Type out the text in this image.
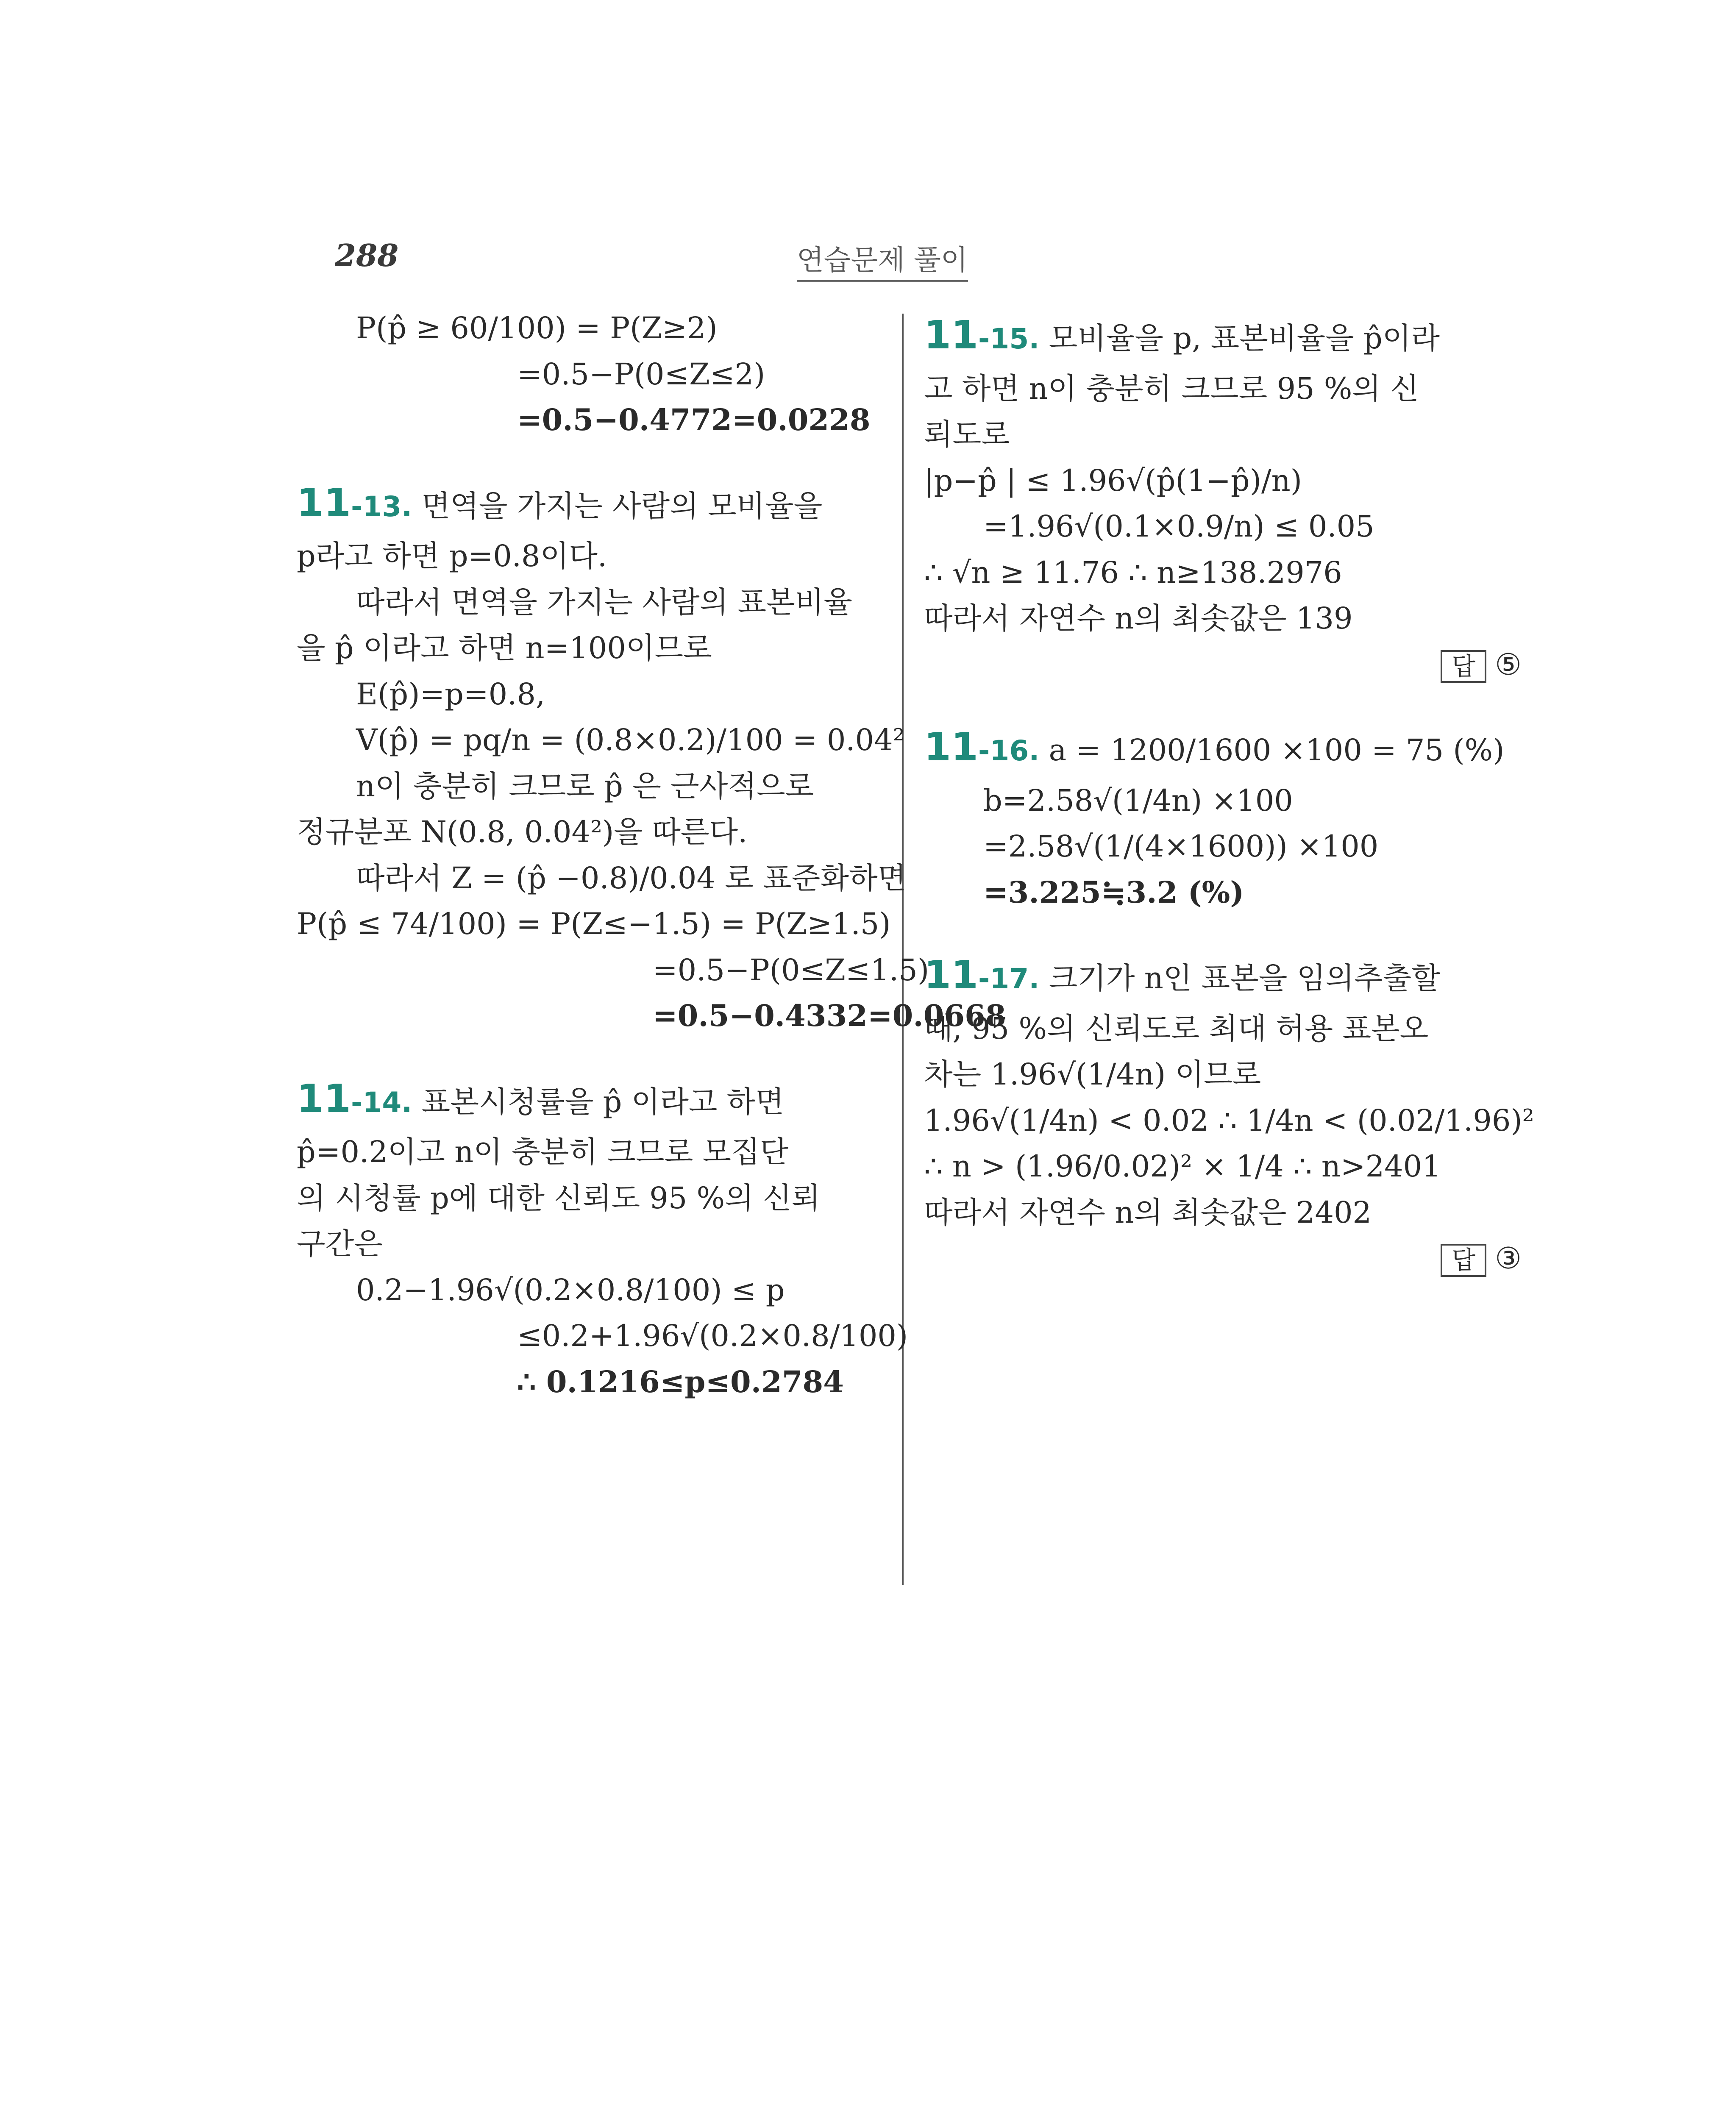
288	연습문제 풀이
P(p̂ ≥ 60/100) = P(Z≥2)
=0.5−P(0≤Z≤2)
=0.5−0.4772=0.0228
11-13. 면역을 가지는 사람의 모비율을
p라고 하면 p=0.8이다.
따라서 면역을 가지는 사람의 표본비율
을 p̂ 이라고 하면 n=100이므로
E(p̂)=p=0.8,
V(p̂) = pq/n = (0.8×0.2)/100 = 0.04²
n이 충분히 크므로 p̂ 은 근사적으로
정규분포 N(0.8, 0.04²)을 따른다.
따라서 Z = (p̂ −0.8)/0.04 로 표준화하면
P(p̂ ≤ 74/100) = P(Z≤−1.5) = P(Z≥1.5)
=0.5−P(0≤Z≤1.5)
=0.5−0.4332=0.0668
11-14. 표본시청률을 p̂ 이라고 하면
p̂=0.2이고 n이 충분히 크므로 모집단
의 시청률 p에 대한 신뢰도 95 %의 신뢰
구간은
0.2−1.96√(0.2×0.8/100) ≤ p
≤0.2+1.96√(0.2×0.8/100)
∴ 0.1216≤p≤0.2784
11-15. 모비율을 p, 표본비율을 p̂이라
고 하면 n이 충분히 크므로 95 %의 신
뢰도로
|p−p̂ | ≤ 1.96√(p̂(1−p̂)/n)
=1.96√(0.1×0.9/n) ≤ 0.05
∴ √n ≥ 11.76 ∴ n≥138.2976
따라서 자연수 n의 최솟값은 139
답 ⑤
11-16. a = 1200/1600 ×100 = 75 (%)
b=2.58√(1/4n) ×100
=2.58√(1/(4×1600)) ×100
=3.225≒3.2 (%)
11-17. 크기가 n인 표본을 임의추출할
때, 95 %의 신뢰도로 최대 허용 표본오
차는 1.96√(1/4n) 이므로
1.96√(1/4n) < 0.02 ∴ 1/4n < (0.02/1.96)²
∴ n > (1.96/0.02)² × 1/4 ∴ n>2401
따라서 자연수 n의 최솟값은 2402
답 ③
